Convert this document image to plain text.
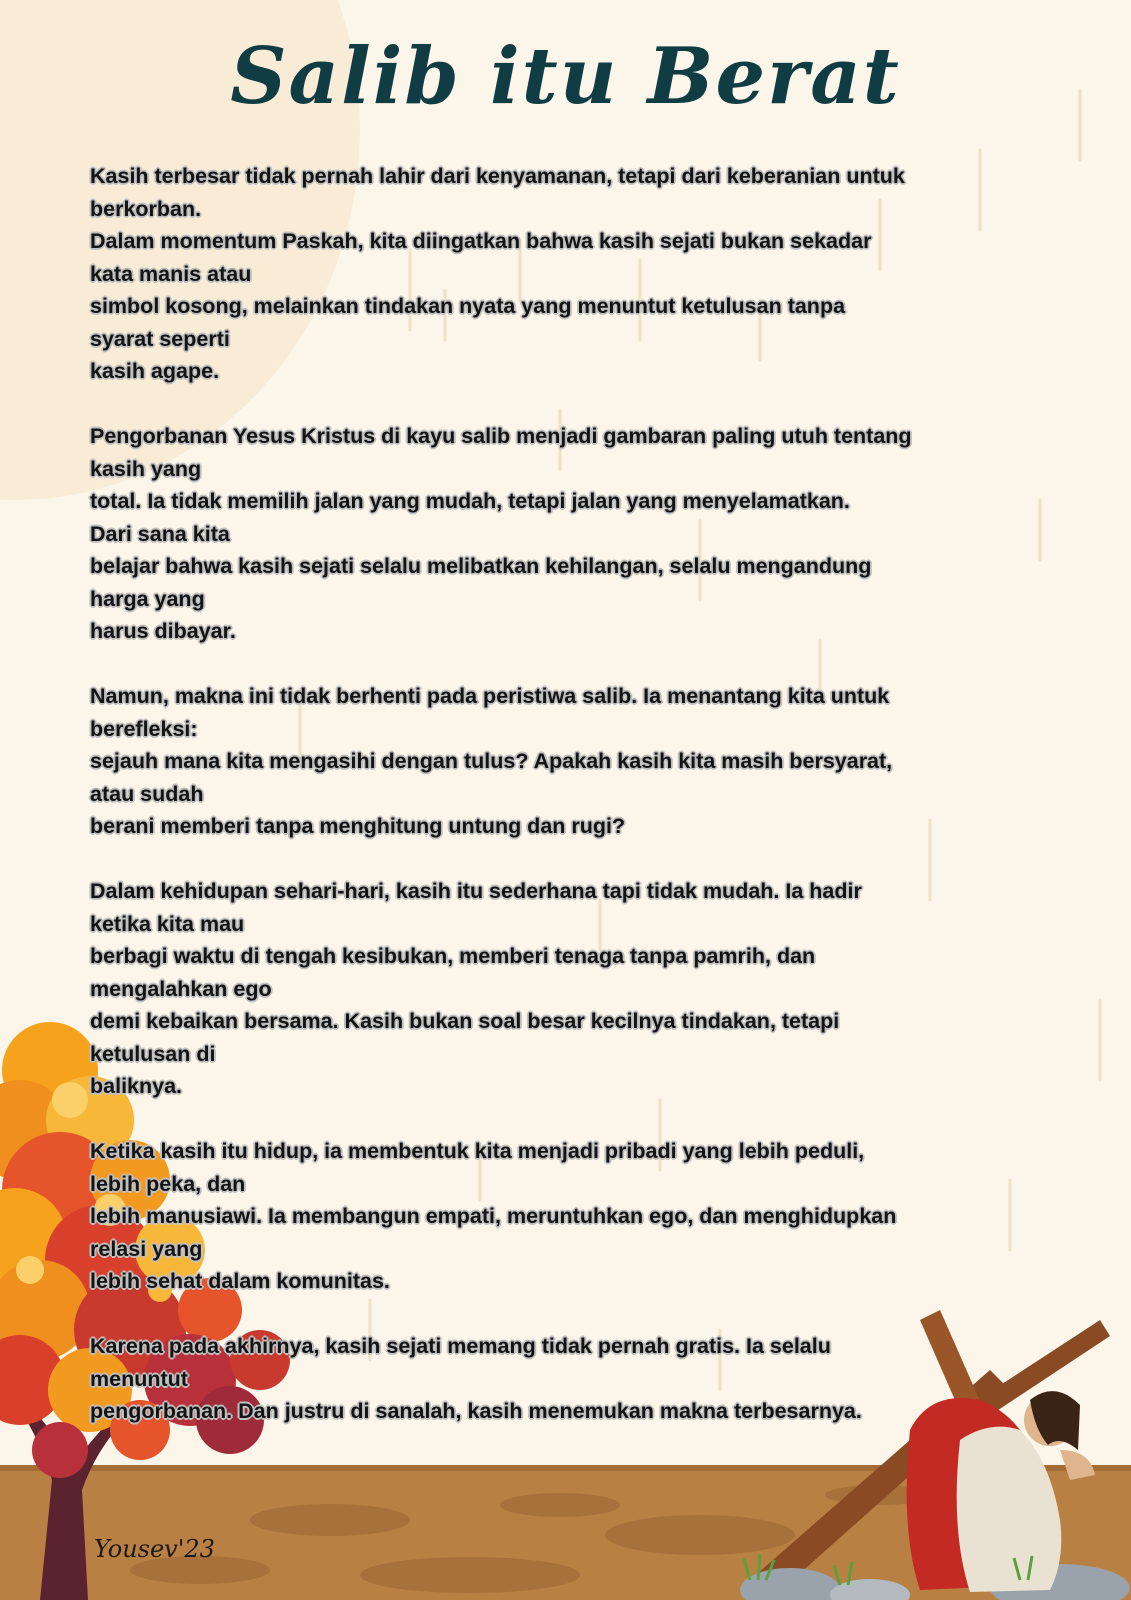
Salib itu Berat
Kasih terbesar tidak pernah lahir dari kenyamanan, tetapi dari keberanian untuk
berkorban.
Dalam momentum Paskah, kita diingatkan bahwa kasih sejati bukan sekadar
kata manis atau
simbol kosong, melainkan tindakan nyata yang menuntut ketulusan tanpa
syarat seperti
kasih agape.
Pengorbanan Yesus Kristus di kayu salib menjadi gambaran paling utuh tentang
kasih yang
total. Ia tidak memilih jalan yang mudah, tetapi jalan yang menyelamatkan.
Dari sana kita
belajar bahwa kasih sejati selalu melibatkan kehilangan, selalu mengandung
harga yang
harus dibayar.
Namun, makna ini tidak berhenti pada peristiwa salib. Ia menantang kita untuk
berefleksi:
sejauh mana kita mengasihi dengan tulus? Apakah kasih kita masih bersyarat,
atau sudah
berani memberi tanpa menghitung untung dan rugi?
Dalam kehidupan sehari-hari, kasih itu sederhana tapi tidak mudah. Ia hadir
ketika kita mau
berbagi waktu di tengah kesibukan, memberi tenaga tanpa pamrih, dan
mengalahkan ego
demi kebaikan bersama. Kasih bukan soal besar kecilnya tindakan, tetapi
ketulusan di
baliknya.
Ketika kasih itu hidup, ia membentuk kita menjadi pribadi yang lebih peduli,
lebih peka, dan
lebih manusiawi. Ia membangun empati, meruntuhkan ego, dan menghidupkan
relasi yang
lebih sehat dalam komunitas.
Karena pada akhirnya, kasih sejati memang tidak pernah gratis. Ia selalu
menuntut
pengorbanan. Dan justru di sanalah, kasih menemukan makna terbesarnya.
Yousev'23
